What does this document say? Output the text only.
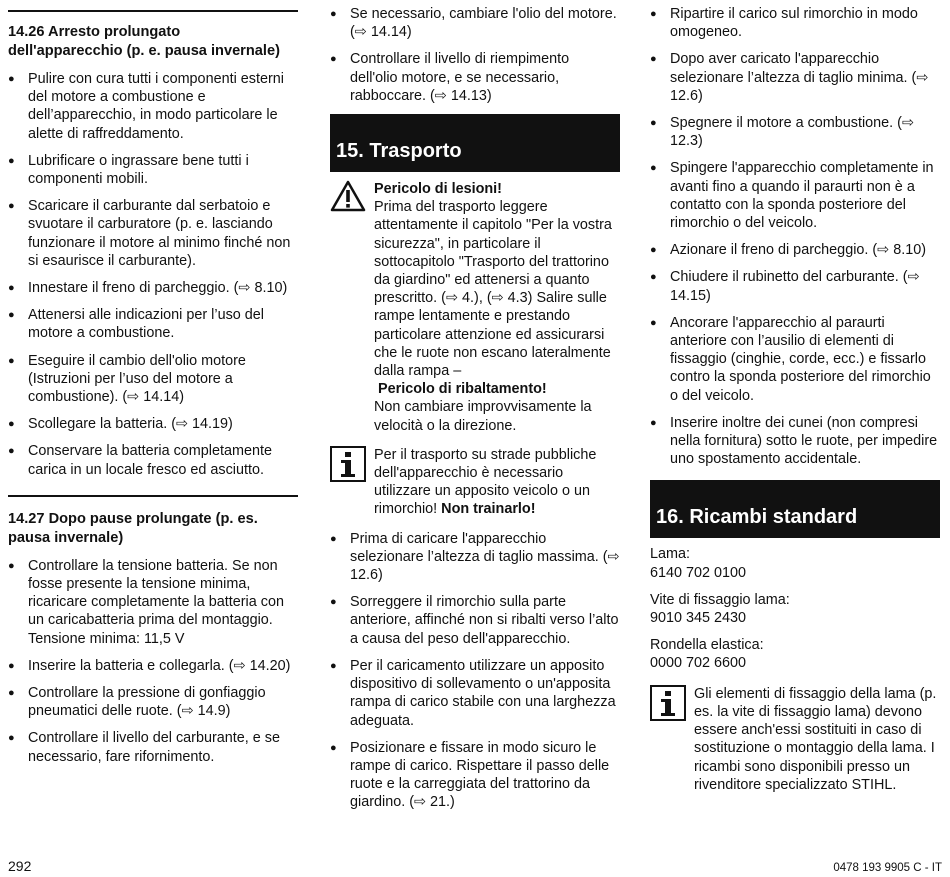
14.26 Arresto prolungato dell'apparecchio (p. e. pausa invernale)
● Pulire con cura tutti i componenti esterni del motore a combustione e dell’apparecchio, in modo particolare le alette di raffreddamento.
● Lubrificare o ingrassare bene tutti i componenti mobili.
● Scaricare il carburante dal serbatoio e svuotare il carburatore (p. e. lasciando funzionare il motore al minimo finché non si esaurisce il carburante).
● Innestare il freno di parcheggio. (⇨ 8.10)
● Attenersi alle indicazioni per l’uso del motore a combustione.
● Eseguire il cambio dell'olio motore (Istruzioni per l’uso del motore a combustione). (⇨ 14.14)
● Scollegare la batteria. (⇨ 14.19)
● Conservare la batteria completamente carica in un locale fresco ed asciutto.
14.27 Dopo pause prolungate (p. es. pausa invernale)
● Controllare la tensione batteria. Se non fosse presente la tensione minima, ricaricare completamente la batteria con un caricabatteria prima del montaggio.
Tensione minima: 11,5 V
● Inserire la batteria e collegarla. (⇨ 14.20)
● Controllare la pressione di gonfiaggio pneumatici delle ruote. (⇨ 14.9)
● Controllare il livello del carburante, e se necessario, fare rifornimento.
● Se necessario, cambiare l'olio del motore. (⇨ 14.14)
● Controllare il livello di riempimento dell'olio motore, e se necessario, rabboccare. (⇨ 14.13)
15. Trasporto
Pericolo di lesioni!
Prima del trasporto leggere attentamente il capitolo "Per la vostra sicurezza", in particolare il sottocapitolo "Trasporto del trattorino da giardino" ed attenersi a quanto prescritto. (⇨ 4.), (⇨ 4.3) Salire sulle rampe lentamente e prestando particolare attenzione ed assicurarsi che le ruote non escano lateralmente dalla rampa –
Pericolo di ribaltamento!
Non cambiare improvvisamente la velocità o la direzione.
Per il trasporto su strade pubbliche dell'apparecchio è necessario utilizzare un apposito veicolo o un rimorchio! Non trainarlo!
● Prima di caricare l'apparecchio selezionare l’altezza di taglio massima. (⇨ 12.6)
● Sorreggere il rimorchio sulla parte anteriore, affinché non si ribalti verso l’alto a causa del peso dell'apparecchio.
● Per il caricamento utilizzare un apposito dispositivo di sollevamento o un'apposita rampa di carico stabile con una larghezza adeguata.
● Posizionare e fissare in modo sicuro le rampe di carico. Rispettare il passo delle ruote e la carreggiata del trattorino da giardino. (⇨ 21.)
● Ripartire il carico sul rimorchio in modo omogeneo.
● Dopo aver caricato l'apparecchio selezionare l’altezza di taglio minima. (⇨ 12.6)
● Spegnere il motore a combustione. (⇨ 12.3)
● Spingere l'apparecchio completamente in avanti fino a quando il paraurti non è a contatto con la sponda posteriore del rimorchio o del veicolo.
● Azionare il freno di parcheggio. (⇨ 8.10)
● Chiudere il rubinetto del carburante. (⇨ 14.15)
● Ancorare l'apparecchio al paraurti anteriore con l’ausilio di elementi di fissaggio (cinghie, corde, ecc.) e fissarlo contro la sponda posteriore del rimorchio o del veicolo.
● Inserire inoltre dei cunei (non compresi nella fornitura) sotto le ruote, per impedire uno spostamento accidentale.
16. Ricambi standard

Lama:

6140 702 0100

Vite di fissaggio lama:

9010 345 2430

Rondella elastica:

0000 702 6600

Gli elementi di fissaggio della lama (p. es. la vite di fissaggio lama) devono essere anch'essi sostituiti in caso di sostituzione o montaggio della lama. I ricambi sono disponibili presso un rivenditore specializzato STIHL.
292	0478 193 9905 C - IT
